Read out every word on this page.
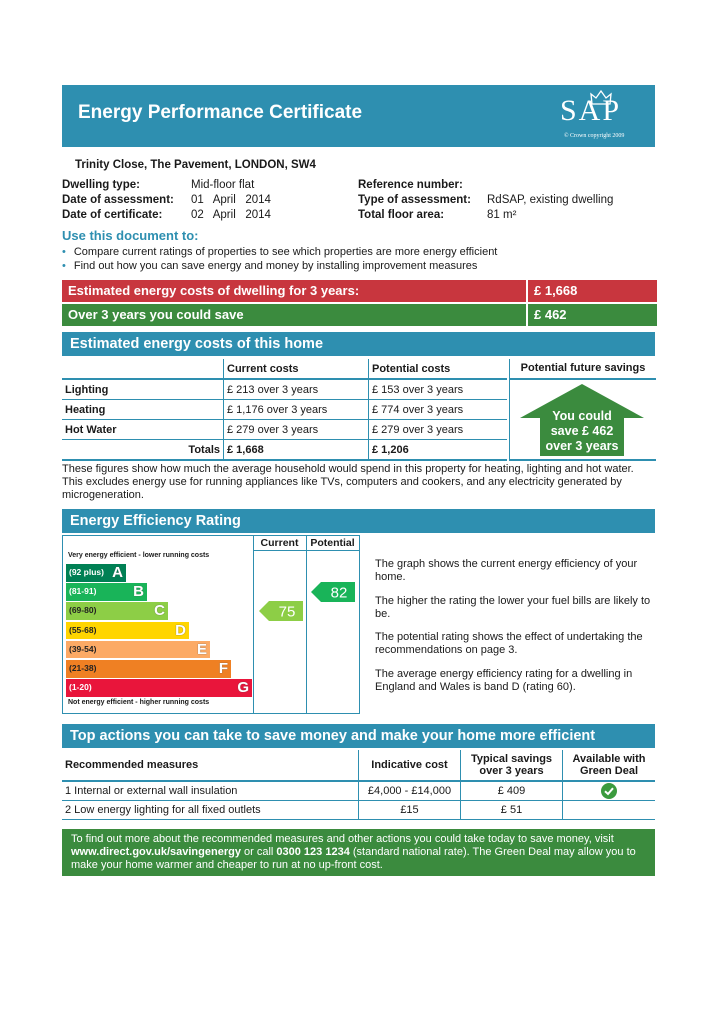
Energy Performance Certificate	SAP
© Crown copyright 2009
Trinity Close, The Pavement, LONDON, SW4
Dwelling type:	Mid-floor flat
Date of assessment: 01   April   2014
Date of certificate: 02   April   2014
Reference number:
Type of assessment: RdSAP, existing dwelling
Total floor area:	81 m²
Use this document to:
• Compare current ratings of properties to see which properties are more energy efficient
• Find out how you can save energy and money by installing improvement measures
Estimated energy costs of dwelling for 3 years:	£ 1,668
Over 3 years you could save	£ 462
Estimated energy costs of this home
	Current costs	Potential costs
Lighting	£ 213 over 3 years	£ 153 over 3 years
Heating	£ 1,176 over 3 years	£ 774 over 3 years
Hot Water	£ 279 over 3 years	£ 279 over 3 years
Totals	£ 1,668	£ 1,206
Potential future savings
You could
save £ 462
over 3 years
These figures show how much the average household would spend in this property for heating, lighting and hot water. This excludes energy use for running appliances like TVs, computers and cookers, and any electricity generated by microgeneration.
Energy Efficiency Rating
Current	Potential
Very energy efficient - lower running costs
Not energy efficient - higher running costs
(92 plus) A
(81-91) B
(69-80)	C
(55-68)	D
(39-54)	E
(21-38)	F
(1-20)	G
75
82
The graph shows the current energy efficiency of your home.
The higher the rating the lower your fuel bills are likely to be.
The potential rating shows the effect of undertaking the recommendations on page 3.
The average energy efficiency rating for a dwelling in England and Wales is band D (rating 60).
Top actions you can take to save money and make your home more efficient
Recommended measures	Indicative cost	Typical savings over 3 years	Available with Green Deal
1 Internal or external wall insulation	£4,000 - £14,000	£ 409	
2 Low energy lighting for all fixed outlets	£15	£ 51	
To find out more about the recommended measures and other actions you could take today to save money, visit www.direct.gov.uk/savingenergy or call 0300 123 1234 (standard national rate). The Green Deal may allow you to make your home warmer and cheaper to run at no up-front cost.
